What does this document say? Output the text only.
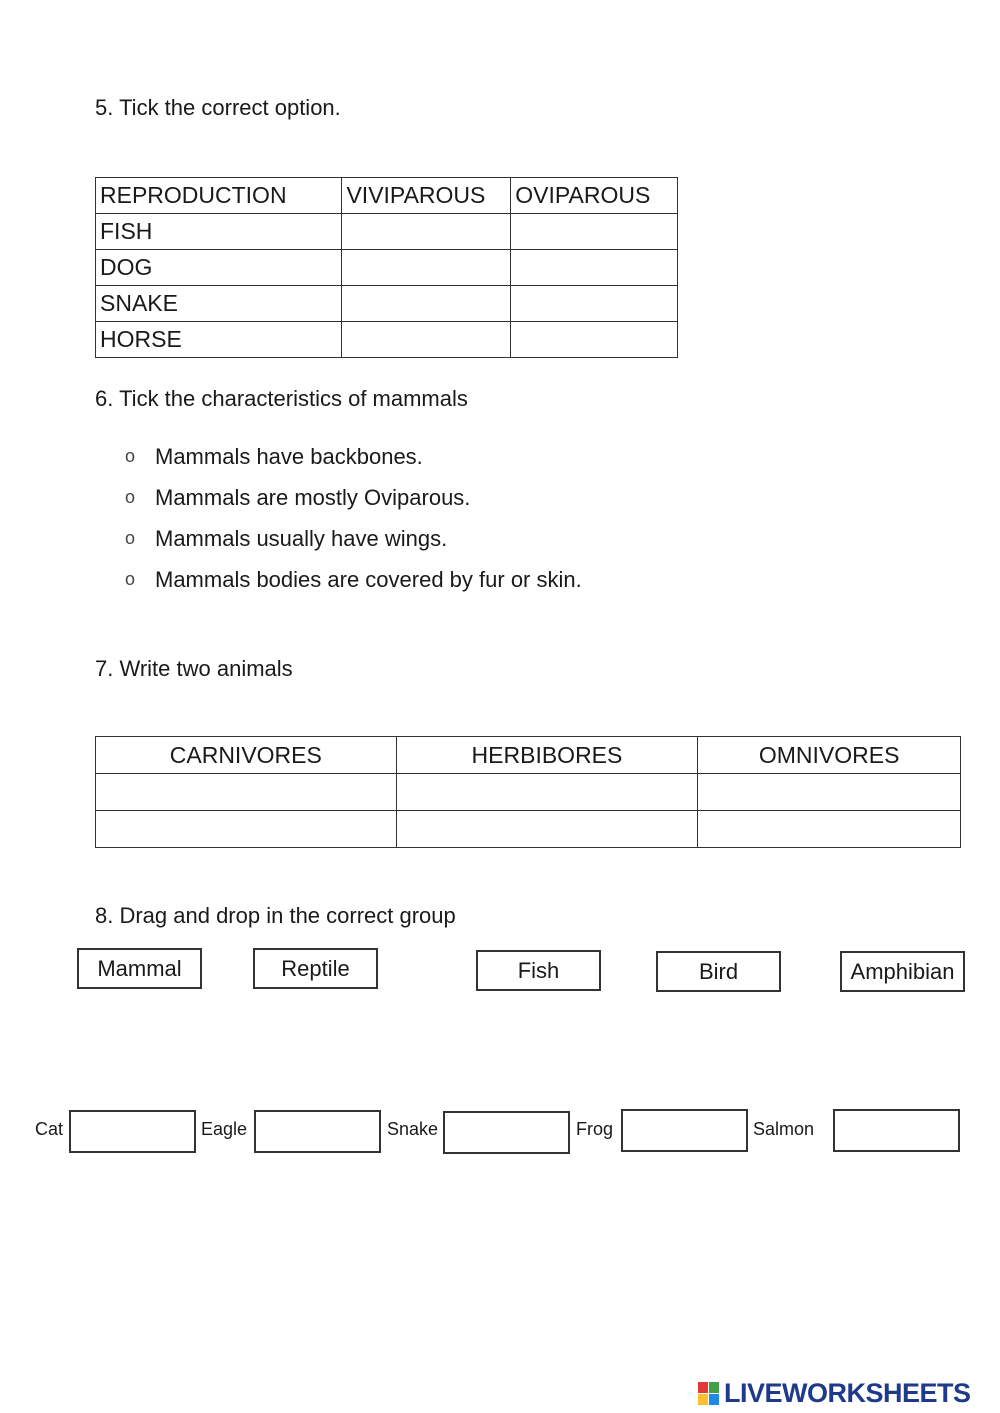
5. Tick the correct option.
REPRODUCTION	VIVIPAROUS	OVIPAROUS
FISH		
DOG		
SNAKE		
HORSE		
6. Tick the characteristics of mammals
o Mammals have backbones.
o Mammals are mostly Oviparous.
o Mammals usually have wings.
o Mammals bodies are covered by fur or skin.
7. Write two animals
CARNIVORES	HERBIBORES	OMNIVORES

8. Drag and drop in the correct group
Mammal	Reptile	Fish	Bird	Amphibian
Cat	Eagle	Snake	Frog	Salmon
LIVEWORKSHEETS
